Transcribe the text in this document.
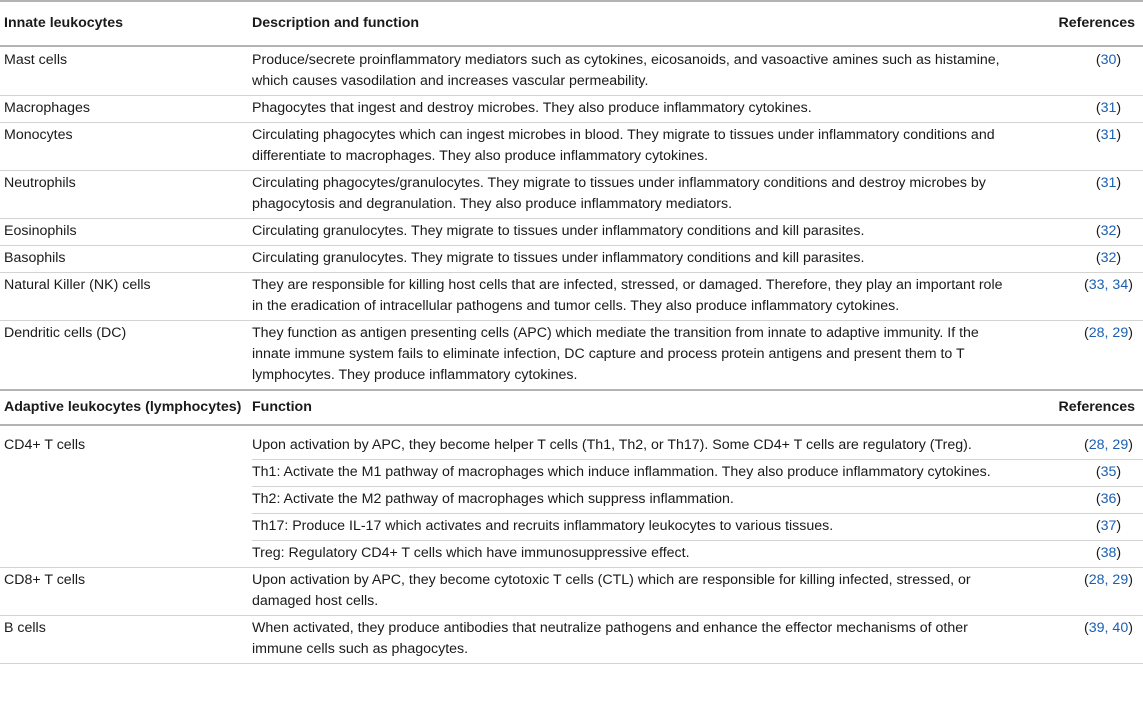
Innate leukocytes	Description and function	References
Mast cells	Produce/secrete proinflammatory mediators such as cytokines, eicosanoids, and vasoactive amines such as histamine, which causes vasodilation and increases vascular permeability.	(30)
Macrophages	Phagocytes that ingest and destroy microbes. They also produce inflammatory cytokines.	(31)
Monocytes	Circulating phagocytes which can ingest microbes in blood. They migrate to tissues under inflammatory conditions and differentiate to macrophages. They also produce inflammatory cytokines.	(31)
Neutrophils	Circulating phagocytes/granulocytes. They migrate to tissues under inflammatory conditions and destroy microbes by phagocytosis and degranulation. They also produce inflammatory mediators.	(31)
Eosinophils	Circulating granulocytes. They migrate to tissues under inflammatory conditions and kill parasites.	(32)
Basophils	Circulating granulocytes. They migrate to tissues under inflammatory conditions and kill parasites.	(32)
Natural Killer (NK) cells	They are responsible for killing host cells that are infected, stressed, or damaged. Therefore, they play an important role in the eradication of intracellular pathogens and tumor cells. They also produce inflammatory cytokines.	(33, 34)
Dendritic cells (DC)	They function as antigen presenting cells (APC) which mediate the transition from innate to adaptive immunity. If the innate immune system fails to eliminate infection, DC capture and process protein antigens and present them to T lymphocytes. They produce inflammatory cytokines.	(28, 29)
Adaptive leukocytes (lymphocytes)	Function	References
CD4+ T cells	Upon activation by APC, they become helper T cells (Th1, Th2, or Th17). Some CD4+ T cells are regulatory (Treg).	(28, 29)
	Th1: Activate the M1 pathway of macrophages which induce inflammation. They also produce inflammatory cytokines.	(35)
	Th2: Activate the M2 pathway of macrophages which suppress inflammation.	(36)
	Th17: Produce IL-17 which activates and recruits inflammatory leukocytes to various tissues.	(37)
	Treg: Regulatory CD4+ T cells which have immunosuppressive effect.	(38)
CD8+ T cells	Upon activation by APC, they become cytotoxic T cells (CTL) which are responsible for killing infected, stressed, or damaged host cells.	(28, 29)
B cells	When activated, they produce antibodies that neutralize pathogens and enhance the effector mechanisms of other immune cells such as phagocytes.	(39, 40)
